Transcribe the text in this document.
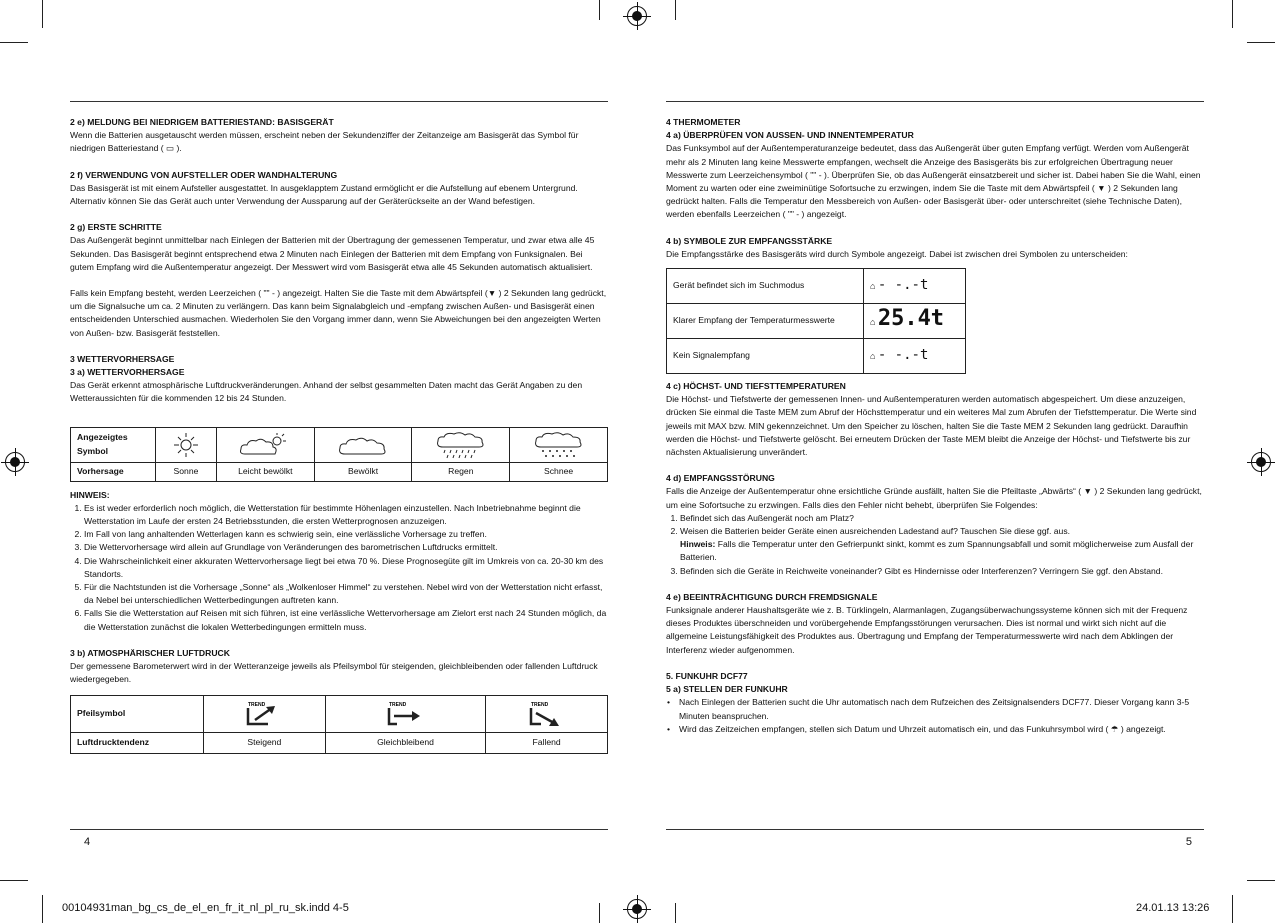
2 e) MELDUNG BEI NIEDRIGEM BATTERIESTAND: BASISGERÄT

Wenn die Batterien ausgetauscht werden müssen, erscheint neben der Sekundenziffer der Zeitanzeige am Basisgerät das Symbol für niedrigen Batteriestand ( ▭ ).

2 f) VERWENDUNG VON AUFSTELLER ODER WANDHALTERUNG

Das Basisgerät ist mit einem Aufsteller ausgestattet. In ausgeklapptem Zustand ermöglicht er die Aufstellung auf ebenem Untergrund. Alternativ können Sie das Gerät auch unter Verwendung der Aussparung auf der Geräterückseite an der Wand befestigen.

2 g) ERSTE SCHRITTE

Das Außengerät beginnt unmittelbar nach Einlegen der Batterien mit der Übertragung der gemessenen Temperatur, und zwar etwa alle 45 Sekunden. Das Basisgerät beginnt entsprechend etwa 2 Minuten nach Einlegen der Batterien mit dem Empfang von Funksignalen. Bei gutem Empfang wird die Außentemperatur angezeigt. Der Messwert wird vom Basisgerät etwa alle 45 Sekunden automatisch aktualisiert.

Falls kein Empfang besteht, werden Leerzeichen ( "" - ) angezeigt. Halten Sie die Taste mit dem Abwärtspfeil (▼ ) 2 Sekunden lang gedrückt, um die Signalsuche um ca. 2 Minuten zu verlängern. Das kann beim Signalabgleich und -empfang zwischen Außen- und Basisgerät einen entscheidenden Unterschied ausmachen. Wiederholen Sie den Vorgang immer dann, wenn Sie Abweichungen bei den angezeigten Werten von Außen- bzw. Basisgerät feststellen.

3 WETTERVORHERSAGE

3 a) WETTERVORHERSAGE

Das Gerät erkennt atmosphärische Luftdruckveränderungen. Anhand der selbst gesammelten Daten macht das Gerät Angaben zu den Wetteraussichten für die kommenden 12 bis 24 Stunden.

Angezeigtes Symbol	

Vorhersage	Sonne	Leicht bewölkt	Bewölkt	Regen	Schnee

HINWEIS:

1. Es ist weder erforderlich noch möglich, die Wetterstation für bestimmte Höhenlagen einzustellen. Nach Inbetriebnahme beginnt die Wetterstation im Laufe der ersten 24 Betriebsstunden, die ersten Wetterprognosen anzuzeigen.
2. Im Fall von lang anhaltenden Wetterlagen kann es schwierig sein, eine verlässliche Vorhersage zu treffen.
3. Die Wettervorhersage wird allein auf Grundlage von Veränderungen des barometrischen Luftdrucks ermittelt.
4. Die Wahrscheinlichkeit einer akkuraten Wettervorhersage liegt bei etwa 70 %. Diese Prognosegüte gilt im Umkreis von ca. 20-30 km des Standorts.
5. Für die Nachtstunden ist die Vorhersage „Sonne“ als „Wolkenloser Himmel“ zu verstehen. Nebel wird von der Wetterstation nicht erfasst, da Nebel bei unterschiedlichen Wetterbedingungen auftreten kann.
6. Falls Sie die Wetterstation auf Reisen mit sich führen, ist eine verlässliche Wettervorhersage am Zielort erst nach 24 Stunden möglich, da die Wetterstation zunächst die lokalen Wetterbedingungen ermitteln muss.

3 b) ATMOSPHÄRISCHER LUFTDRUCK

Der gemessene Barometerwert wird in der Wetteranzeige jeweils als Pfeilsymbol für steigenden, gleichbleibenden oder fallenden Luftdruck wiedergegeben.

Pfeilsymbol	TREND	TREND	TREND

Luftdrucktendenz	Steigend	Gleichbleibend	Fallend
4

4 THERMOMETER

4 a) ÜBERPRÜFEN VON AUSSEN- UND INNENTEMPERATUR

Das Funksymbol auf der Außentemperaturanzeige bedeutet, dass das Außengerät über guten Empfang verfügt. Werden vom Außengerät mehr als 2 Minuten lang keine Messwerte empfangen, wechselt die Anzeige des Basisgeräts bis zur erfolgreichen Übertragung neuer Messwerte zum Leerzeichensymbol ( "" - ). Überprüfen Sie, ob das Außengerät einsatzbereit und sicher ist. Dabei haben Sie die Wahl, einen Moment zu warten oder eine zweiminütige Sofortsuche zu erzwingen, indem Sie die Taste mit dem Abwärtspfeil ( ▼ ) 2 Sekunden lang gedrückt halten. Falls die Temperatur den Messbereich von Außen- oder Basisgerät über- oder unterschreitet (siehe Technische Daten), werden ebenfalls Leerzeichen ( "" - ) angezeigt.

4 b) SYMBOLE ZUR EMPFANGSSTÄRKE

Die Empfangsstärke des Basisgeräts wird durch Symbole angezeigt. Dabei ist zwischen drei Symbolen zu unterscheiden:

Gerät befindet sich im Suchmodus	⌂ - -.-t
Klarer Empfang der Temperaturmesswerte	⌂ 25.4t
Kein Signalempfang	⌂ - -.-t

4 c) HÖCHST- UND TIEFSTTEMPERATUREN

Die Höchst- und Tiefstwerte der gemessenen Innen- und Außentemperaturen werden automatisch abgespeichert. Um diese anzuzeigen, drücken Sie einmal die Taste MEM zum Abruf der Höchsttemperatur und ein weiteres Mal zum Abrufen der Tiefsttemperatur. Die Werte sind jeweils mit MAX bzw. MIN gekennzeichnet. Um den Speicher zu löschen, halten Sie die Taste MEM 2 Sekunden lang gedrückt. Daraufhin werden die Höchst- und Tiefstwerte gelöscht. Bei erneutem Drücken der Taste MEM bleibt die Anzeige der Höchst- und Tiefstwerte bis zur nächsten Aktualisierung unverändert.

4 d) EMPFANGSSTÖRUNG

Falls die Anzeige der Außentemperatur ohne ersichtliche Gründe ausfällt, halten Sie die Pfeiltaste „Abwärts“ ( ▼ ) 2 Sekunden lang gedrückt, um eine Sofortsuche zu erzwingen. Falls dies den Fehler nicht behebt, überprüfen Sie Folgendes:

1. Befindet sich das Außengerät noch am Platz?
2. Weisen die Batterien beider Geräte einen ausreichenden Ladestand auf? Tauschen Sie diese ggf. aus.
Hinweis: Falls die Temperatur unter den Gefrierpunkt sinkt, kommt es zum Spannungsabfall und somit möglicherweise zum Ausfall der Batterien.
3. Befinden sich die Geräte in Reichweite voneinander? Gibt es Hindernisse oder Interferenzen? Verringern Sie ggf. den Abstand.

4 e) BEEINTRÄCHTIGUNG DURCH FREMDSIGNALE

Funksignale anderer Haushaltsgeräte wie z. B. Türklingeln, Alarmanlagen, Zugangsüberwachungssysteme können sich mit der Frequenz dieses Produktes überschneiden und vorübergehende Empfangsstörungen verursachen. Dies ist normal und wirkt sich nicht auf die allgemeine Leistungsfähigkeit des Produktes aus. Übertragung und Empfang der Temperaturmesswerte wird nach dem Abklingen der Interferenz wieder aufgenommen.

5. FUNKUHR DCF77

5 a) STELLEN DER FUNKUHR

• Nach Einlegen der Batterien sucht die Uhr automatisch nach dem Rufzeichen des Zeitsignalsenders DCF77. Dieser Vorgang kann 3-5 Minuten beanspruchen.
• Wird das Zeitzeichen empfangen, stellen sich Datum und Uhrzeit automatisch ein, und das Funkuhrsymbol wird ( ☂ ) angezeigt.
5
00104931man_bg_cs_de_el_en_fr_it_nl_pl_ru_sk.indd 4-5	24.01.13 13:26
